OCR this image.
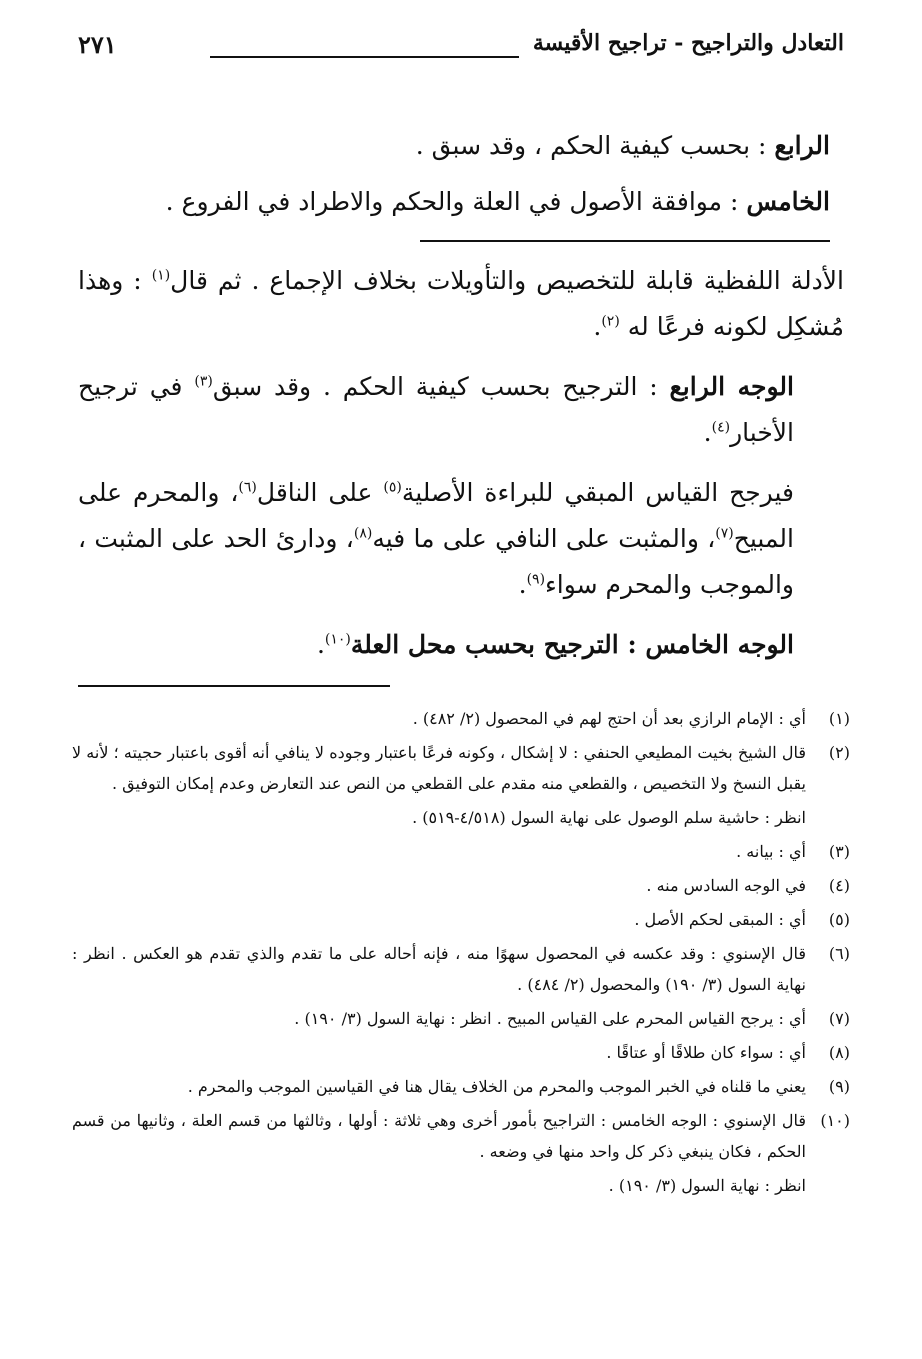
التعادل والتراجيح - تراجيح الأقيسة
٢٧١
الرابع : بحسب كيفية الحكم ، وقد سبق .
الخامس : موافقة الأصول في العلة والحكم والاطراد في الفروع .

الأدلة اللفظية قابلة للتخصيص والتأويلات بخلاف الإجماع . ثم قال$^{(١)}$ : وهذا مُشكِل لكونه فرعًا له $^{(٢)}$.

الوجه الرابع : الترجيح بحسب كيفية الحكم . وقد سبق$^{(٣)}$ في ترجيح الأخبار$^{(٤)}$.

فيرجح القياس المبقي للبراءة الأصلية$^{(٥)}$ على الناقل$^{(٦)}$، والمحرم على المبيح$^{(٧)}$، والمثبت على النافي على ما فيه$^{(٨)}$، ودارئ الحد على المثبت ، والموجب والمحرم سواء$^{(٩)}$.

الوجه الخامس : الترجيح بحسب محل العلة$^{(١٠)}$.
(١)
أي : الإمام الرازي بعد أن احتج لهم في المحصول (٢/ ٤٨٢) .
(٢)
قال الشيخ بخيت المطيعي الحنفي : لا إشكال ، وكونه فرعًا باعتبار وجوده لا ينافي أنه أقوى باعتبار حجيته ؛ لأنه لا يقبل النسخ ولا التخصيص ، والقطعي منه مقدم على القطعي من النص عند التعارض وعدم إمكان التوفيق .
انظر : حاشية سلم الوصول على نهاية السول (٤/٥١٨-٥١٩) .
(٣)
أي : بيانه .
(٤)
في الوجه السادس منه .
(٥)
أي : المبقى لحكم الأصل .
(٦)
قال الإسنوي : وقد عكسه في المحصول سهوًا منه ، فإنه أحاله على ما تقدم والذي تقدم هو العكس . انظر : نهاية السول (٣/ ١٩٠) والمحصول (٢/ ٤٨٤) .
(٧)
أي : يرجح القياس المحرم على القياس المبيح . انظر : نهاية السول (٣/ ١٩٠) .
(٨)
أي : سواء كان طلاقًا أو عتاقًا .
(٩)
يعني ما قلناه في الخبر الموجب والمحرم من الخلاف يقال هنا في القياسين الموجب والمحرم .
(١٠)
قال الإسنوي : الوجه الخامس : التراجيح بأمور أخرى وهي ثلاثة : أولها ، وثالثها من قسم العلة ، وثانيها من قسم الحكم ، فكان ينبغي ذكر كل واحد منها في وضعه .
انظر : نهاية السول (٣/ ١٩٠) .
